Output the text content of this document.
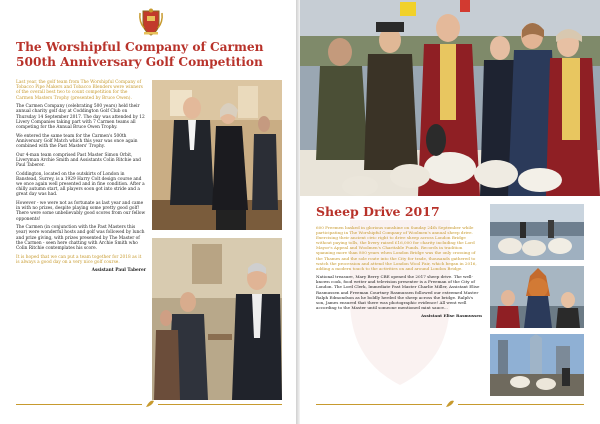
The Worshipful Company of Carmen 500th Anniversary Golf Competition

Last year, the golf team from The Worshipful Company of Tobacco Pipe Makers and Tobacco Blenders were winners of the overall best two to count competition for the Carmen Masters Trophy (presented by Bruce Owen).

The Carmen Company (celebrating 500 years) held their annual charity golf day at Coddington Golf Club on Thursday 14 September 2017. The day was attended by 12 Livery Companies taking part with 7 Carmen teams all competing for the Annual Bruce Owen Trophy.

We entered the same team for the Carmen's 500th Anniversary Golf Match which this year was once again combined with the Past Masters' Trophy.

Our 4-man team comprised Past Master Simon Orbit, Liveryman Archie Smith and Assistants Colin Ritchie and Paul Taberer.

Coddington, located on the outskirts of London in Banstead, Surrey, is a 1929 Harry Colt design course and we once again well presented and in fine condition. After a chilly autumn start, all players soon got into stride and a great day was had.

However - we were not as fortunate as last year and came in with no prizes, despite playing some pretty good golf! There were some unbelievably good scores from our fellow opponents!

The Carmen (in conjunction with the Past Masters this year) were wonderful hosts and golf was followed by lunch and prize giving, with prizes presented by The Master of the Carmen - seen here chatting with Archie Smith who Colin Ritchie contemplates his score.

It is hoped that we can put a team together for 2018 as it is always a good day on a very nice golf course.

Assistant Paul Taberer

Sheep Drive 2017

600 Freemen basked in glorious sunshine on Sunday 24th September while participating in The Worshipful Company of Woolmen's annual sheep drive. Exercising their ancient civic right to drive sheep across London Bridge without paying tolls, the livery raised £16,000 for charity including the Lord Mayor's Appeal and Woolmen's Charitable Funds. Records in tradition spanning more than 800 years when London Bridge was the only crossing of the Thames and the sole route into the City for trade, thousands gathered to watch the procession and attend the London Wool Fair, which began in 2016, adding a modern touch to the activities on and around London Bridge.

National treasure, Mary Berry CBE opened the 2017 sheep drive. The well-known cook, food writer and television presenter is a Freeman of the City of London. The Lord Clerk, Immediate Past Master Charlie Miller, Assistant Elise Rasmussen and Freeman Courtney Rasmussen followed our esteemed Master Ralph Edmondson as he boldly herded the sheep across the bridge. Ralph's son, James ensured that there was photographic evidence! All went well according to the Master until someone mentioned mint sauce...

Assistant Elise Rasmussen
